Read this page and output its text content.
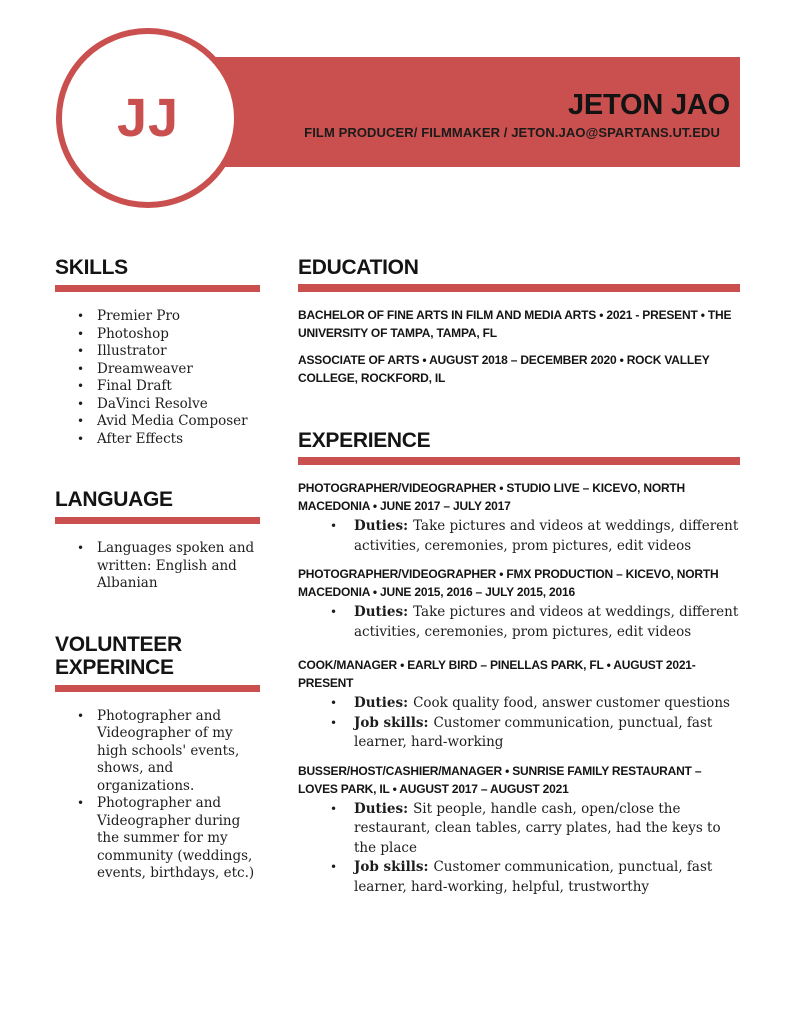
JETON JAO
FILM PRODUCER/ FILMMAKER / JETON.JAO@SPARTANS.UT.EDU
JJ
SKILLS
• Premier Pro
• Photoshop
• Illustrator
• Dreamweaver
• Final Draft
• DaVinci Resolve
• Avid Media Composer
• After Effects
LANGUAGE
• Languages spoken and written: English and Albanian
VOLUNTEER EXPERINCE
• Photographer and Videographer of my high schools' events, shows, and organizations.
• Photographer and Videographer during the summer for my community (weddings, events, birthdays, etc.)
EDUCATION
BACHELOR OF FINE ARTS IN FILM AND MEDIA ARTS • 2021 - PRESENT • THE UNIVERSITY OF TAMPA, TAMPA, FL
ASSOCIATE OF ARTS • AUGUST 2018 – DECEMBER 2020 • ROCK VALLEY COLLEGE, ROCKFORD, IL
EXPERIENCE
PHOTOGRAPHER/VIDEOGRAPHER • STUDIO LIVE – KICEVO, NORTH MACEDONIA • JUNE 2017 – JULY 2017
•	Duties: Take pictures and videos at weddings, different activities, ceremonies, prom pictures, edit videos
PHOTOGRAPHER/VIDEOGRAPHER • FMX PRODUCTION – KICEVO, NORTH MACEDONIA • JUNE 2015, 2016 – JULY 2015, 2016
•	Duties: Take pictures and videos at weddings, different activities, ceremonies, prom pictures, edit videos
COOK/MANAGER • EARLY BIRD – PINELLAS PARK, FL • AUGUST 2021-PRESENT
•	Duties: Cook quality food, answer customer questions
•	Job skills: Customer communication, punctual, fast learner, hard-working
BUSSER/HOST/CASHIER/MANAGER • SUNRISE FAMILY RESTAURANT – LOVES PARK, IL • AUGUST 2017 – AUGUST 2021
•	Duties: Sit people, handle cash, open/close the restaurant, clean tables, carry plates, had the keys to the place
•	Job skills: Customer communication, punctual, fast learner, hard-working, helpful, trustworthy
